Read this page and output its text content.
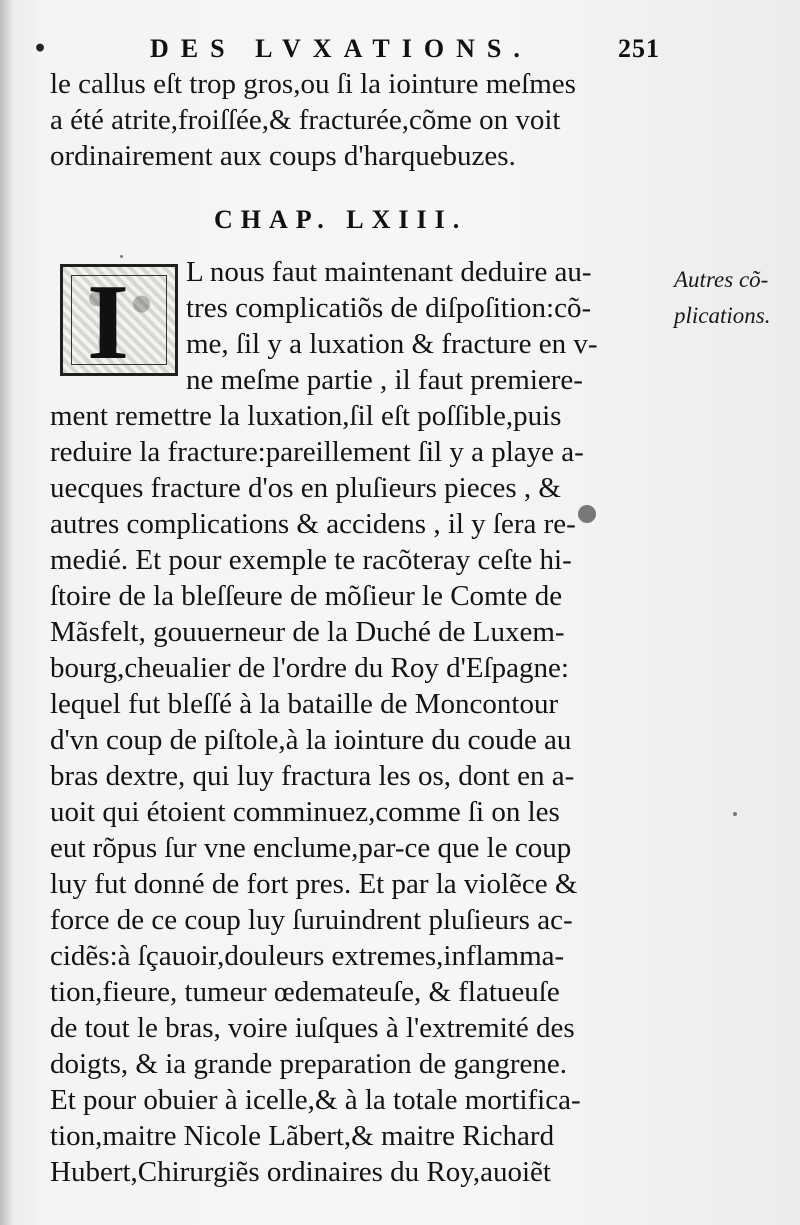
•	DES LVXATIONS.	251
le callus eſt trop gros,ou ſi la iointure meſmes
a été atrite,froiſſée,& fracturée,cõme on voit
ordinairement aux coups d'harquebuzes.
CHAP. LXIII.
I L nous faut maintenant deduire au-
tres complicatiõs de diſpoſition:cõ-
me, ſil y a luxation & fracture en v-
ne meſme partie , il faut premiere-
Autres cõ-
plications.
ment remettre la luxation,ſil eſt poſſible,puis
reduire la fracture:pareillement ſil y a playe a-
uecques fracture d'os en pluſieurs pieces , &
autres complications & accidens , il y ſera re-
medié. Et pour exemple te racõteray ceſte hi-
ſtoire de la bleſſeure de mõſieur le Comte de
Mãsfelt, gouuerneur de la Duché de Luxem-
bourg,cheualier de l'ordre du Roy d'Eſpagne:
lequel fut bleſſé à la bataille de Moncontour
d'vn coup de piſtole,à la iointure du coude au
bras dextre, qui luy fractura les os, dont en a-
uoit qui étoient comminuez,comme ſi on les
eut rõpus ſur vne enclume,par-ce que le coup
luy fut donné de fort pres. Et par la violẽce &
force de ce coup luy ſuruindrent pluſieurs ac-
cidẽs:à ſçauoir,douleurs extremes,inflamma-
tion,fieure, tumeur œdemateuſe, & flatueuſe
de tout le bras, voire iuſques à l'extremité des
doigts, & ia grande preparation de gangrene.
Et pour obuier à icelle,& à la totale mortifica-
tion,maitre Nicole Lãbert,& maitre Richard
Hubert,Chirurgiẽs ordinaires du Roy,auoiẽt
